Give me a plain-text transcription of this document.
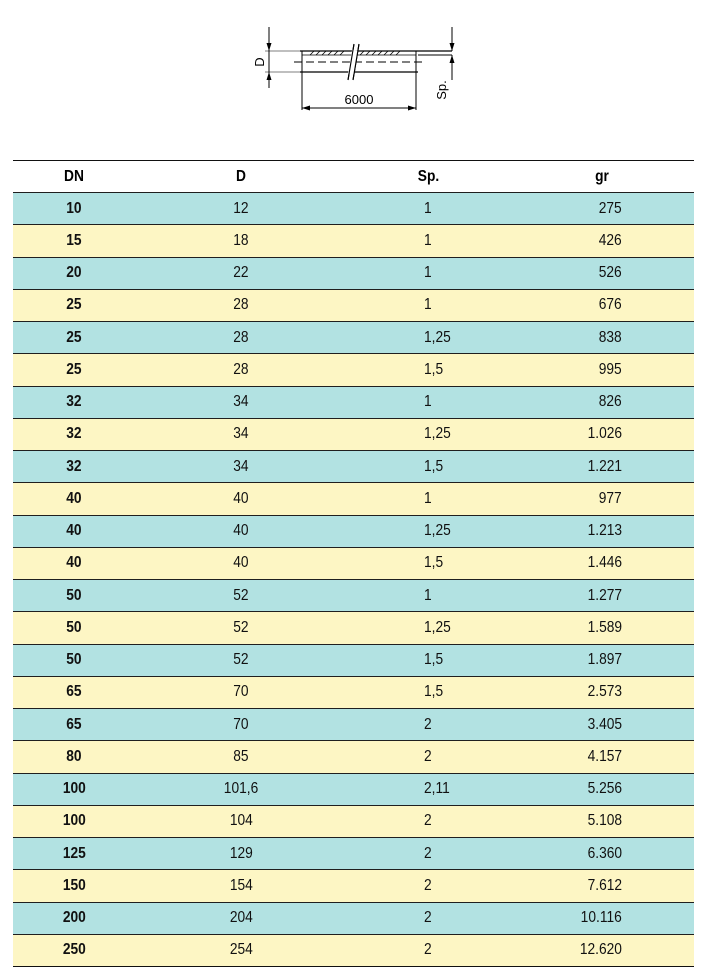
D
6000	Sp.
DN	D	Sp.	gr
10	12	1	275
15	18	1	426
20	22	1	526
25	28	1	676
25	28	1,25	838
25	28	1,5	995
32	34	1	826
32	34	1,25	1.026
32	34	1,5	1.221
40	40	1	977
40	40	1,25	1.213
40	40	1,5	1.446
50	52	1	1.277
50	52	1,25	1.589
50	52	1,5	1.897
65	70	1,5	2.573
65	70	2	3.405
80	85	2	4.157
100	101,6	2,11	5.256
100	104	2	5.108
125	129	2	6.360
150	154	2	7.612
200	204	2	10.116
250	254	2	12.620
